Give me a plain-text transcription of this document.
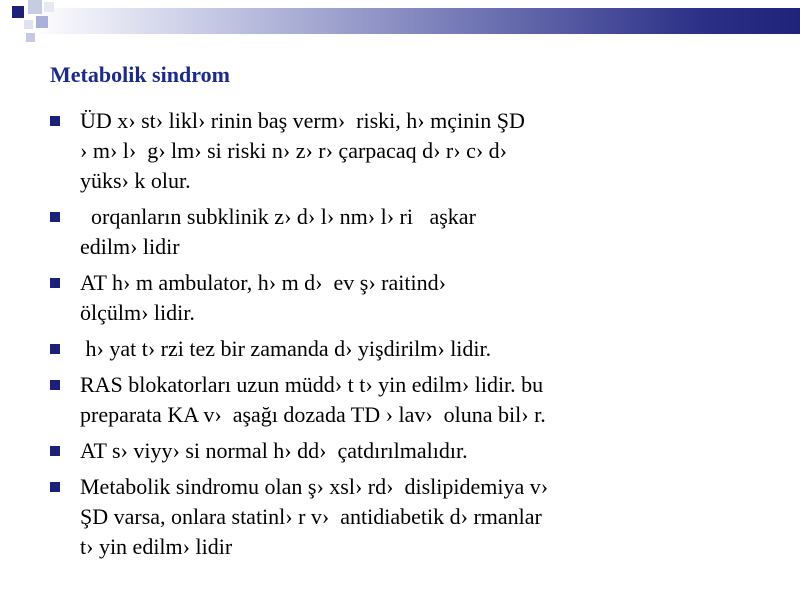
Metabolik sindrom
ÜD x› st› likl› rinin baş verm›  riski, h› mçinin ŞD
› m› l›  g› lm› si riski n› z› r› çarpacaq d› r› c› d›
yüks› k olur.
orqanların subklinik z› d› l› nm› l› ri   aşkar
edilm› lidir
AT h› m ambulator, h› m d›  ev ş› raitind›
ölçülm› lidir.
h› yat t› rzi tez bir zamanda d› yişdirilm› lidir.
RAS blokatorları uzun müdd› t t› yin edilm› lidir. bu
preparata KA v›  aşağı dozada TD › lav›  oluna bil› r.
AT s› viyy› si normal h› dd›  çatdırılmalıdır.
Metabolik sindromu olan ş› xsl› rd›  dislipidemiya v›
ŞD varsa, onlara statinl› r v›  antidiabetik d› rmanlar
t› yin edilm› lidir
